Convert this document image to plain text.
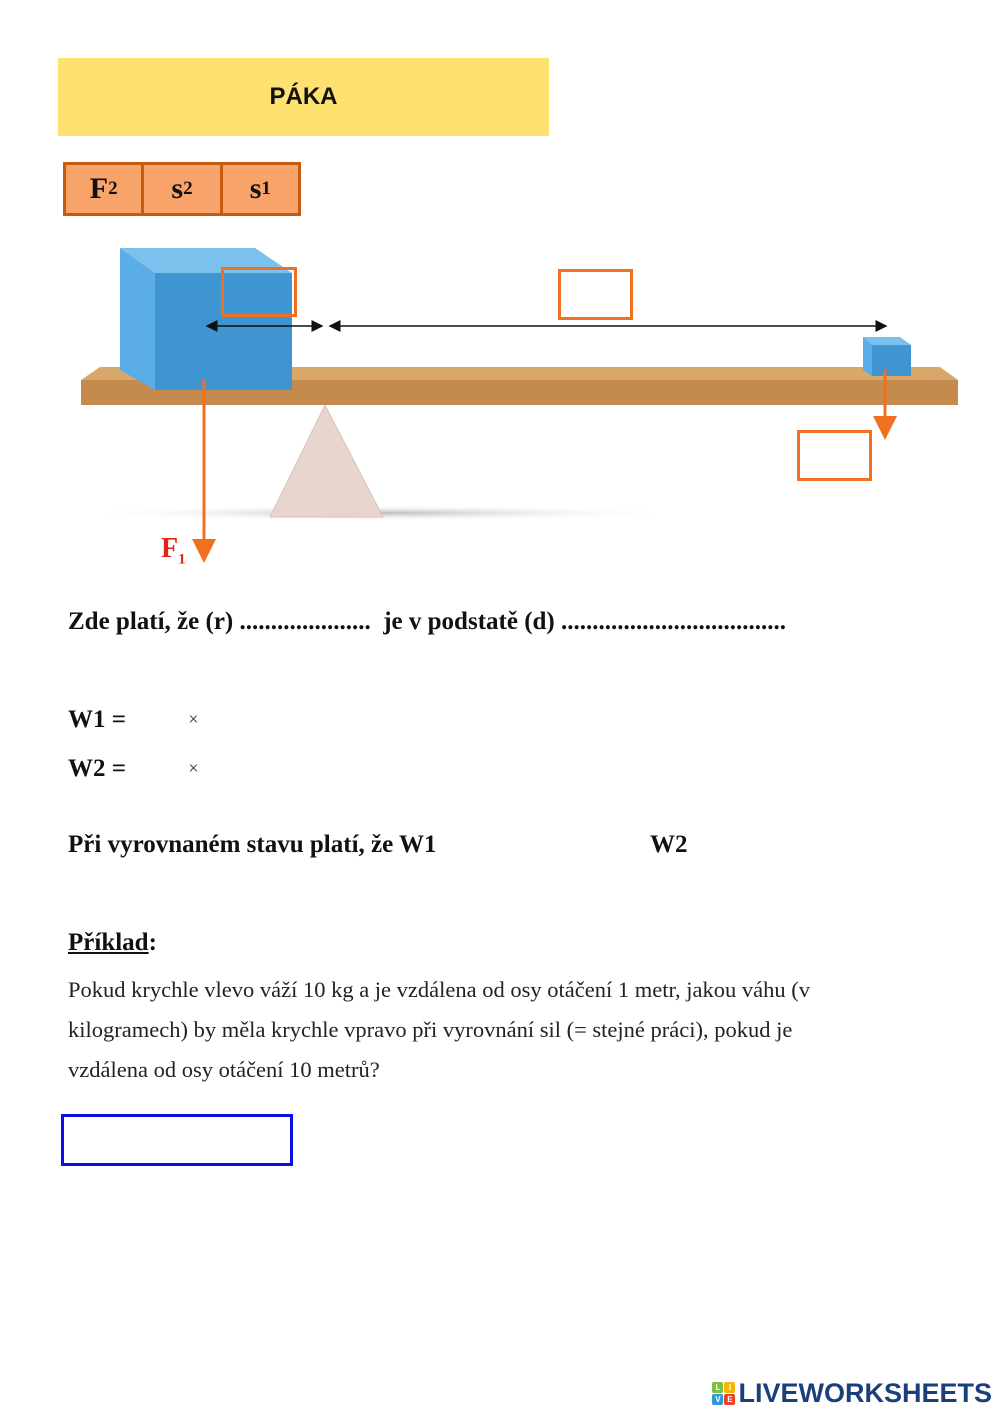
PÁKA
F 2 s 2 s 1
$F_1$
Zde platí, že (r) .....................  je v podstatě (d) ....................................
W1 =	×
W2 =	×
Při vyrovnaném stavu platí, že W1	W2
Příklad:
Pokud krychle vlevo váží 10 kg a je vzdálena od osy otáčení 1 metr, jakou váhu (v
kilogramech) by měla krychle vpravo při vyrovnání sil (= stejné práci), pokud je
vzdálena od osy otáčení 10 metrů?
L	I
V E LIVEWORKSHEETS
